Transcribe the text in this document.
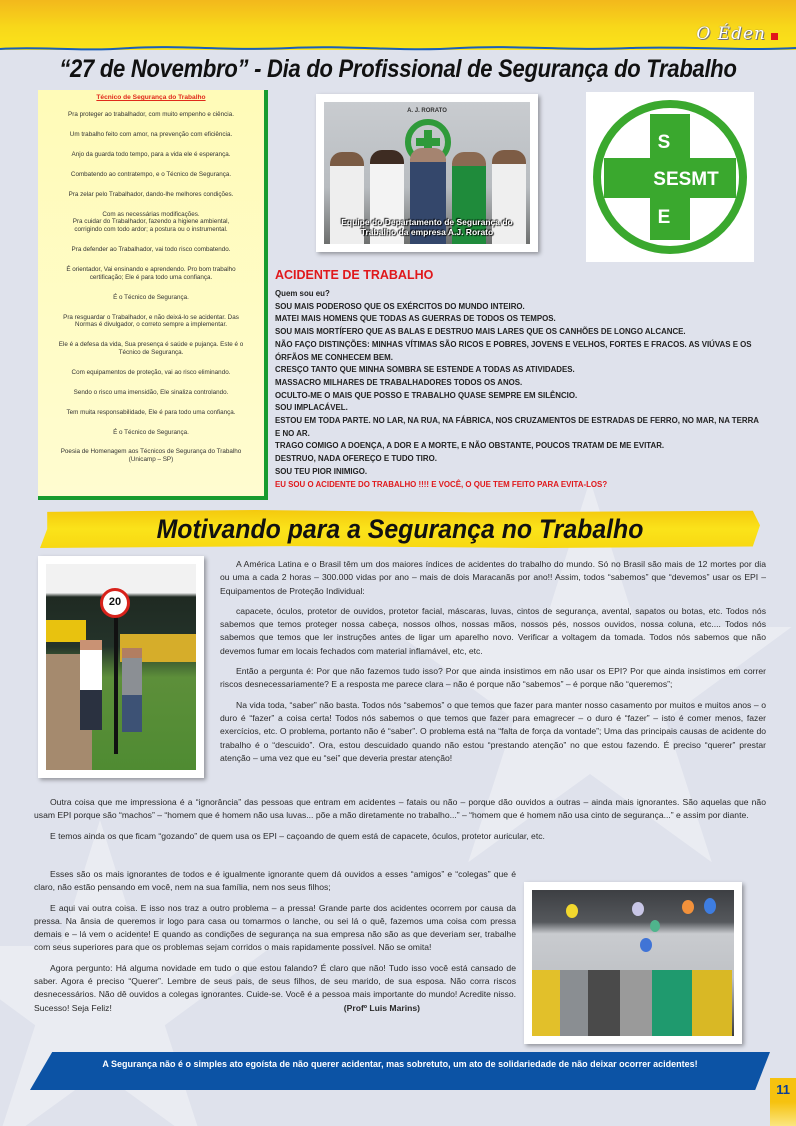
O Éden
“27 de Novembro” - Dia do Profissional de Segurança do Trabalho
Técnico de Segurança do Trabalho
Pra proteger ao trabalhador, com muito empenho e ciência.
Um trabalho feito com amor, na prevenção com eficiência.
Anjo da guarda todo tempo, para a vida ele é esperança.
Combatendo ao contratempo, e o Técnico de Segurança.
Pra zelar pelo Trabalhador, dando-lhe melhores condições.
Com as necessárias modificações.
Pra cuidar do Trabalhador, fazendo a higiene ambiental,
corrigindo com todo ardor; a postura ou o instrumental.
Pra defender ao Trabalhador, vai todo risco combatendo.
É orientador, Vai ensinando e aprendendo. Pro bom trabalho
certificação; Ele é para todo uma confiança.
É o Técnico de Segurança.
Pra resguardar o Trabalhador, e não deixá-lo se acidentar. Das
Normas é divulgador, o correto sempre a implementar.
Ele é a defesa da vida, Sua presença é saúde e pujança. Este é o
Técnico de Segurança.
Com equipamentos de proteção, vai ao risco eliminando.
Sendo o risco uma imensidão, Ele sinaliza controlando.
Tem muita responsabilidade, Ele é para todo uma confiança.
É o Técnico de Segurança.
Poesia de Homenagem aos Técnicos de Segurança do Trabalho
(Unicamp – SP)
A. J. RORATO
Equipe do Departamento de Segurança do
Trabalho da empresa A.J. Rorato
S
SESMT
E
ACIDENTE DE TRABALHO
Quem sou eu?
SOU MAIS PODEROSO QUE OS EXÉRCITOS DO MUNDO INTEIRO.
MATEI MAIS HOMENS QUE TODAS AS GUERRAS DE TODOS OS TEMPOS.
SOU MAIS MORTÍFERO QUE AS BALAS E DESTRUO MAIS LARES QUE OS CANHÕES DE LONGO ALCANCE.
NÃO FAÇO DISTINÇÕES: MINHAS VÍTIMAS SÃO RICOS E POBRES, JOVENS E VELHOS, FORTES E FRACOS. AS VIÚVAS E OS ÓRFÃOS ME CONHECEM BEM.
CRESÇO TANTO QUE MINHA SOMBRA SE ESTENDE A TODAS AS ATIVIDADES.
MASSACRO MILHARES DE TRABALHADORES TODOS OS ANOS.
OCULTO-ME O MAIS QUE POSSO E TRABALHO QUASE SEMPRE EM SILÊNCIO.
SOU IMPLACÁVEL.
ESTOU EM TODA PARTE. NO LAR, NA RUA, NA FÁBRICA, NOS CRUZAMENTOS DE ESTRADAS DE FERRO, NO MAR, NA TERRA E NO AR.
TRAGO COMIGO A DOENÇA, A DOR E A MORTE, E NÃO OBSTANTE, POUCOS TRATAM DE ME EVITAR.
DESTRUO, NADA OFEREÇO E TUDO TIRO.
SOU TEU PIOR INIMIGO.
EU SOU O ACIDENTE DO TRABALHO !!!! E VOCÊ, O QUE TEM FEITO PARA EVITA-LOS?
Motivando para a Segurança no Trabalho
20

A América Latina e o Brasil têm um dos maiores índices de acidentes do trabalho do mundo. Só no Brasil são mais de 12 mortes por dia ou uma a cada 2 horas – 300.000 vidas por ano – mais de dois Maracanãs por ano!! Assim, todos “sabemos” que “devemos” usar os EPI – Equipamentos de Proteção Individual:

capacete, óculos, protetor de ouvidos, protetor facial, máscaras, luvas, cintos de segurança, avental, sapatos ou botas, etc. Todos nós sabemos que temos proteger nossa cabeça, nossos olhos, nossas mãos, nossos pés, nossos ouvidos, nossa coluna, etc.... Todos nós sabemos que temos que ler instruções antes de ligar um aparelho novo. Verificar a voltagem da tomada. Todos nós sabemos que não devemos fumar em locais fechados com material inflamável, etc, etc.

Então a pergunta é: Por que não fazemos tudo isso? Por que ainda insistimos em não usar os EPI? Por que ainda insistimos em correr riscos desnecessariamente? E a resposta me parece clara – não é porque não “sabemos” – é porque não “queremos”;

Na vida toda, “saber” não basta. Todos nós “sabemos” o que temos que fazer para manter nosso casamento por muitos e muitos anos – o duro é “fazer” a coisa certa! Todos nós sabemos o que temos que fazer para emagrecer – o duro é “fazer” – isto é comer menos, fazer exercícios, etc. O problema, portanto não é “saber”. O problema está na “falta de força da vontade”; Uma das principais causas de acidente do trabalho é o “descuido”. Ora, estou descuidado quando não estou “prestando atenção” no que estou fazendo. É preciso “querer” prestar atenção – uma vez que eu “sei” que deveria prestar atenção!

Outra coisa que me impressiona é a “ignorância” das pessoas que entram em acidentes – fatais ou não – porque dão ouvidos a outras – ainda mais ignorantes. São aquelas que não usam EPI porque são “machos” – “homem que é homem não usa luvas... põe a mão diretamente no trabalho...” – “homem que é homem não usa cinto de segurança...” e assim por diante.

E temos ainda os que ficam “gozando” de quem usa os EPI – caçoando de quem está de capacete, óculos, protetor auricular, etc.

Esses são os mais ignorantes de todos e é igualmente ignorante quem dá ouvidos a esses “amigos” e “colegas” que é claro, não estão pensando em você, nem na sua família, nem nos seus filhos;

E aqui vai outra coisa. E isso nos traz a outro problema – a pressa! Grande parte dos acidentes ocorrem por causa da pressa. Na ânsia de queremos ir logo para casa ou tomarmos o lanche, ou sei lá o quê, fazemos uma coisa com pressa demais e – lá vem o acidente! E quando as condições de segurança na sua empresa não são as que deveriam ser, trabalhe com seus superiores para que os problemas sejam corridos o mais rapidamente possível. Não se omita!

Agora pergunto: Há alguma novidade em tudo o que estou falando? É claro que não! Tudo isso você está cansado de saber. Agora é preciso “Querer”. Lembre de seus pais, de seus filhos, de seu marido, de sua esposa. Não corra riscos desnecessários. Não dê ouvidos a colegas ignorantes. Cuide-se. Você é a pessoa mais importante do mundo! Acredite nisso. Sucesso! Seja Feliz!	(Profº Luis Marins)
A Segurança não é o simples ato egoísta de não querer acidentar, mas sobretuto, um ato de solidariedade de não deixar ocorrer acidentes!
11
